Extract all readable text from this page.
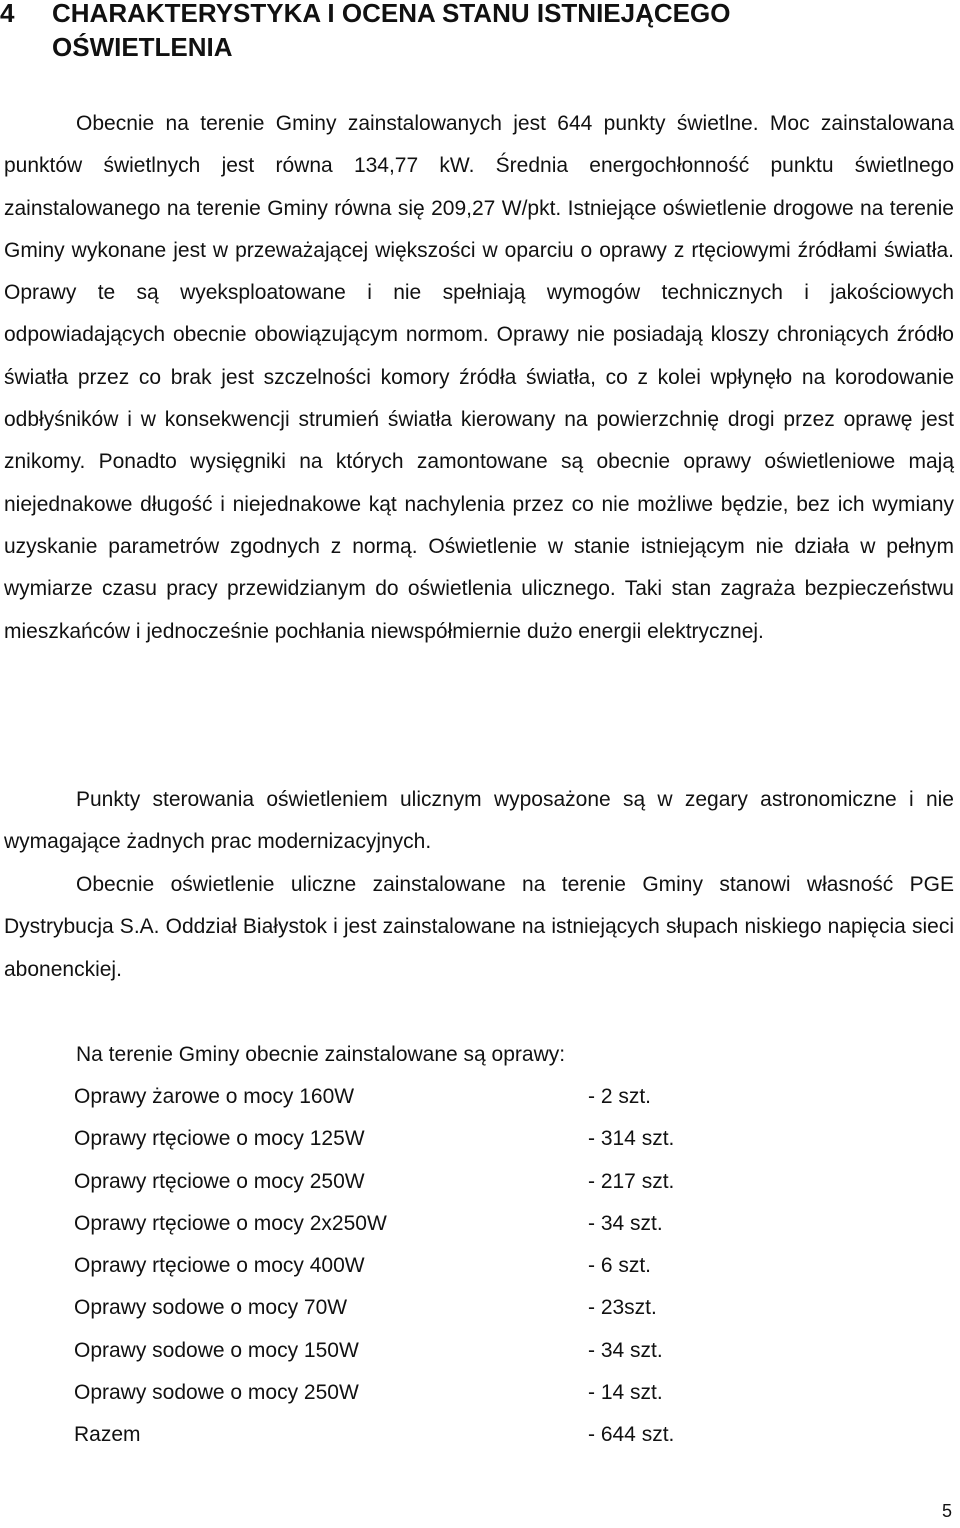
4 CHARAKTERYSTYKA I OCENA STANU ISTNIEJĄCEGO
OŚWIETLENIA

Obecnie na terenie Gminy zainstalowanych jest 644 punkty świetlne. Moc zainstalowana punktów świetlnych jest równa 134,77 kW. Średnia energochłonność punktu świetlnego zainstalowanego na terenie Gminy równa się 209,27 W/pkt. Istniejące oświetlenie drogowe na terenie Gminy wykonane jest w przeważającej większości w oparciu o oprawy z rtęciowymi źródłami światła. Oprawy te są wyeksploatowane i nie spełniają wymogów technicznych i jakościowych odpowiadających obecnie obowiązującym normom. Oprawy nie posiadają kloszy chroniących źródło światła przez co brak jest szczelności komory źródła światła, co z kolei wpłynęło na korodowanie odbłyśników i w konsekwencji strumień światła kierowany na powierzchnię drogi przez oprawę jest znikomy. Ponadto wysięgniki na których zamontowane są obecnie oprawy oświetleniowe mają niejednakowe długość i niejednakowe kąt nachylenia przez co nie możliwe będzie, bez ich wymiany uzyskanie parametrów zgodnych z normą. Oświetlenie w stanie istniejącym nie działa w pełnym wymiarze czasu pracy przewidzianym do oświetlenia ulicznego. Taki stan zagraża bezpieczeństwu mieszkańców i jednocześnie pochłania niewspółmiernie dużo energii elektrycznej.

Punkty sterowania oświetleniem ulicznym wyposażone są w zegary astronomiczne i nie wymagające żadnych prac modernizacyjnych.

Obecnie oświetlenie uliczne zainstalowane na terenie Gminy stanowi własność PGE Dystrybucja S.A. Oddział Białystok i jest zainstalowane na istniejących słupach niskiego napięcia sieci abonenckiej.

Na terenie Gminy obecnie zainstalowane są oprawy:

Oprawy żarowe o mocy 160W	- 2 szt.
Oprawy rtęciowe o mocy 125W	- 314 szt.
Oprawy rtęciowe o mocy 250W	- 217 szt.
Oprawy rtęciowe o mocy 2x250W	- 34 szt.
Oprawy rtęciowe o mocy 400W	- 6 szt.
Oprawy sodowe o mocy 70W	- 23szt.
Oprawy sodowe o mocy 150W	- 34 szt.
Oprawy sodowe o mocy 250W	- 14 szt.
Razem	- 644 szt.
5
